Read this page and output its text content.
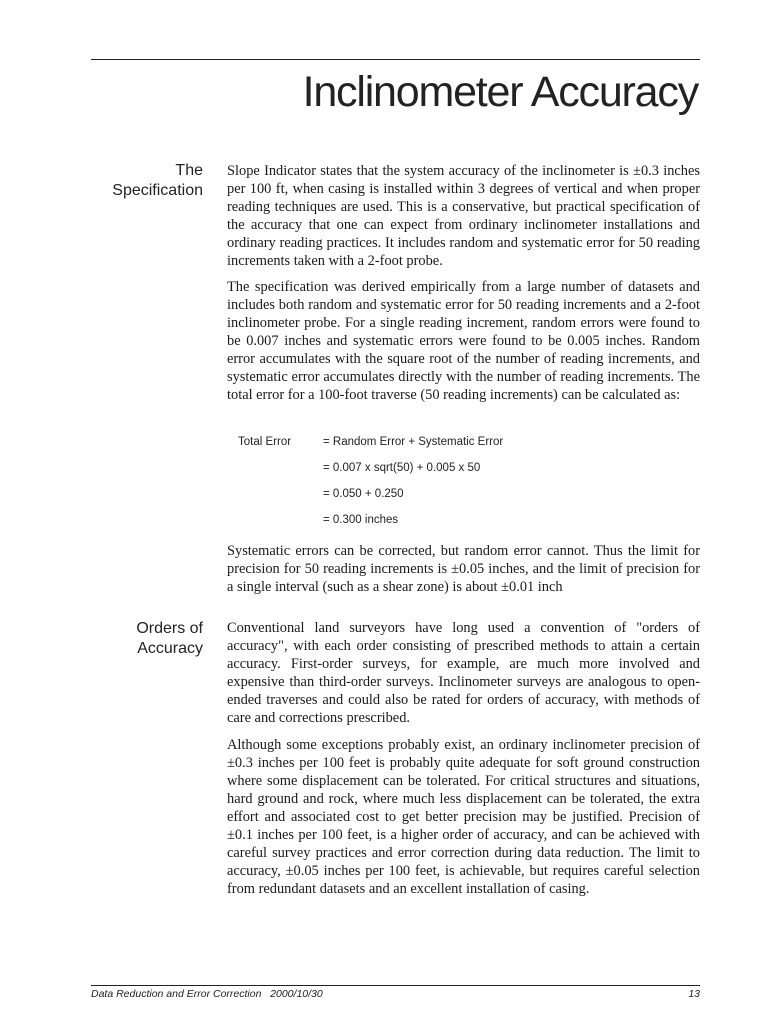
Inclinometer Accuracy
The
Specification

Slope Indicator states that the system accuracy of the inclinometer is ±0.3 inches per 100 ft, when casing is installed within 3 degrees of vertical and when proper reading techniques are used. This is a conservative, but practical specification of the accuracy that one can expect from ordinary inclinometer installations and ordinary reading practices. It includes random and systematic error for 50 reading increments taken with a 2-foot probe.

The specification was derived empirically from a large number of datasets and includes both random and systematic error for 50 reading increments and a 2-foot inclinometer probe. For a single reading increment, random errors were found to be 0.007 inches and systematic errors were found to be 0.005 inches. Random error accumulates with the square root of the number of reading increments, and systematic error accumulates directly with the number of reading increments. The total error for a 100-foot traverse (50 reading increments) can be calculated as:

Total Error	= Random Error + Systematic Error
= 0.007 x sqrt(50) + 0.005 x 50
= 0.050 + 0.250
= 0.300 inches

Systematic errors can be corrected, but random error cannot. Thus the limit for precision for 50 reading increments is ±0.05 inches, and the limit of precision for a single interval (such as a shear zone) is about ±0.01 inch

Orders of
Accuracy

Conventional land surveyors have long used a convention of "orders of accuracy", with each order consisting of prescribed methods to attain a certain accuracy. First-order surveys, for example, are much more involved and expensive than third-order surveys. Inclinometer surveys are analogous to open-ended traverses and could also be rated for orders of accuracy, with methods of care and corrections prescribed.

Although some exceptions probably exist, an ordinary inclinometer precision of ±0.3 inches per 100 feet is probably quite adequate for soft ground construction where some displacement can be tolerated. For critical structures and situations, hard ground and rock, where much less displacement can be tolerated, the extra effort and associated cost to get better precision may be justified. Precision of ±0.1 inches per 100 feet, is a higher order of accuracy, and can be achieved with careful survey practices and error correction during data reduction. The limit to accuracy, ±0.05 inches per 100 feet, is achievable, but requires careful selection from redundant datasets and an excellent installation of casing.

Data Reduction and Error Correction   2000/10/30	13
